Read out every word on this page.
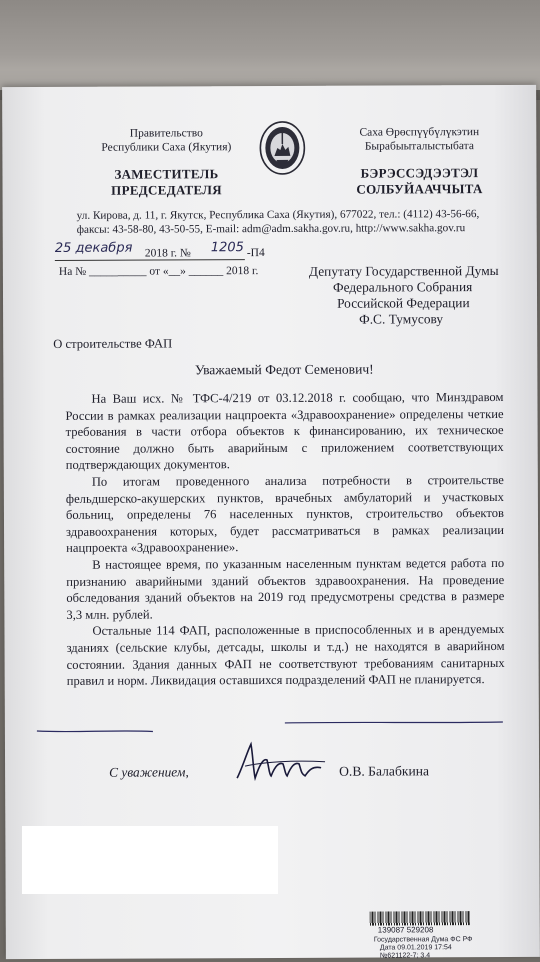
Правительство
Республики Саха (Якутия)
ЗАМЕСТИТЕЛЬ
ПРЕДСЕДАТЕЛЯ
Саха Өрөспүүбүлүкэтин
Бырабыыталыстыбата
БЭРЭССЭДЭЭТЭЛ
СОЛБУЙААЧЧЫТА
ул. Кирова, д. 11, г. Якутск, Республика Саха (Якутия), 677022, тел.: (4112) 43-56-66,
факсы: 43-58-80, 43-50-55, E-mail: adm@adm.sakha.gov.ru, http://www.sakha.gov.ru
25 декабря 2018 г. № 1205 -П4
На № __________ от «__» ______ 2018 г.	Депутату Государственной Думы
Федерального Собрания
Российской Федерации
Ф.С. Тумусову
О строительстве ФАП
Уважаемый Федот Семенович!

На Ваш исх. № ТФС-4/219 от 03.12.2018 г. сообщаю, что Минздравом России в рамках реализации нацпроекта «Здравоохранение» определены четкие требования в части отбора объектов к финансированию, их техническое состояние должно быть аварийным с приложением соответствующих подтверждающих документов.

По итогам проведенного анализа потребности в строительстве фельдшерско-акушерских пунктов, врачебных амбулаторий и участковых больниц, определены 76 населенных пунктов, строительство объектов здравоохранения которых, будет рассматриваться в рамках реализации нацпроекта «Здравоохранение».

В настоящее время, по указанным населенным пунктам ведется работа по признанию аварийными зданий объектов здравоохранения. На проведение обследования зданий объектов на 2019 год предусмотрены средства в размере 3,3 млн. рублей.

Остальные 114 ФАП, расположенные в приспособленных и в арендуемых зданиях (сельские клубы, детсады, школы и т.д.) не находятся в аварийном состоянии. Здания данных ФАП не соответствуют требованиям санитарных правил и норм. Ликвидация оставшихся подразделений ФАП не планируется.

С уважением,	О.В. Балабкина
139087 529208
Государственная Дума ФС РФ
Дата 09.01.2019 17:54
№621122-7; 3.4
